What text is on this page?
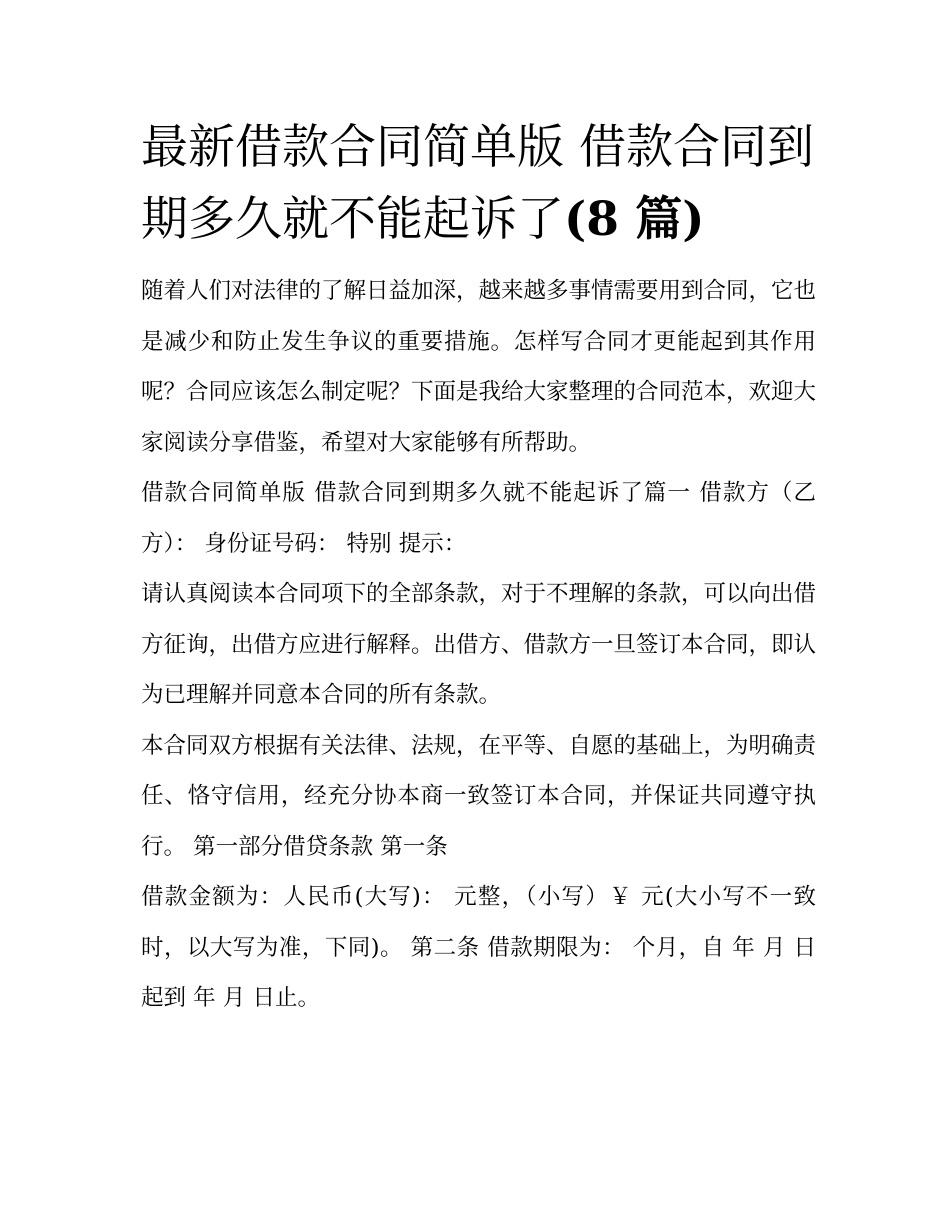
最新借款合同简单版 借款合同到期多久就不能起诉了(8 篇)

随着人们对法律的了解日益加深，越来越多事情需要用到合同，它也是减少和防止发生争议的重要措施。怎样写合同才更能起到其作用呢？合同应该怎么制定呢？下面是我给大家整理的合同范本，欢迎大家阅读分享借鉴，希望对大家能够有所帮助。

借款合同简单版 借款合同到期多久就不能起诉了篇一 借款方（乙方）： 身份证号码： 特别 提示：

请认真阅读本合同项下的全部条款，对于不理解的条款，可以向出借方征询，出借方应进行解释。出借方、借款方一旦签订本合同，即认为已理解并同意本合同的所有条款。

本合同双方根据有关法律、法规，在平等、自愿的基础上，为明确责任、恪守信用，经充分协本商一致签订本合同，并保证共同遵守执行。 第一部分借贷条款 第一条

借款金额为：人民币(大写)： 元整，（小写）￥ 元(大小写不一致时，以大写为准，下同)。 第二条 借款期限为： 个月，自 年 月 日起到 年 月 日止。
